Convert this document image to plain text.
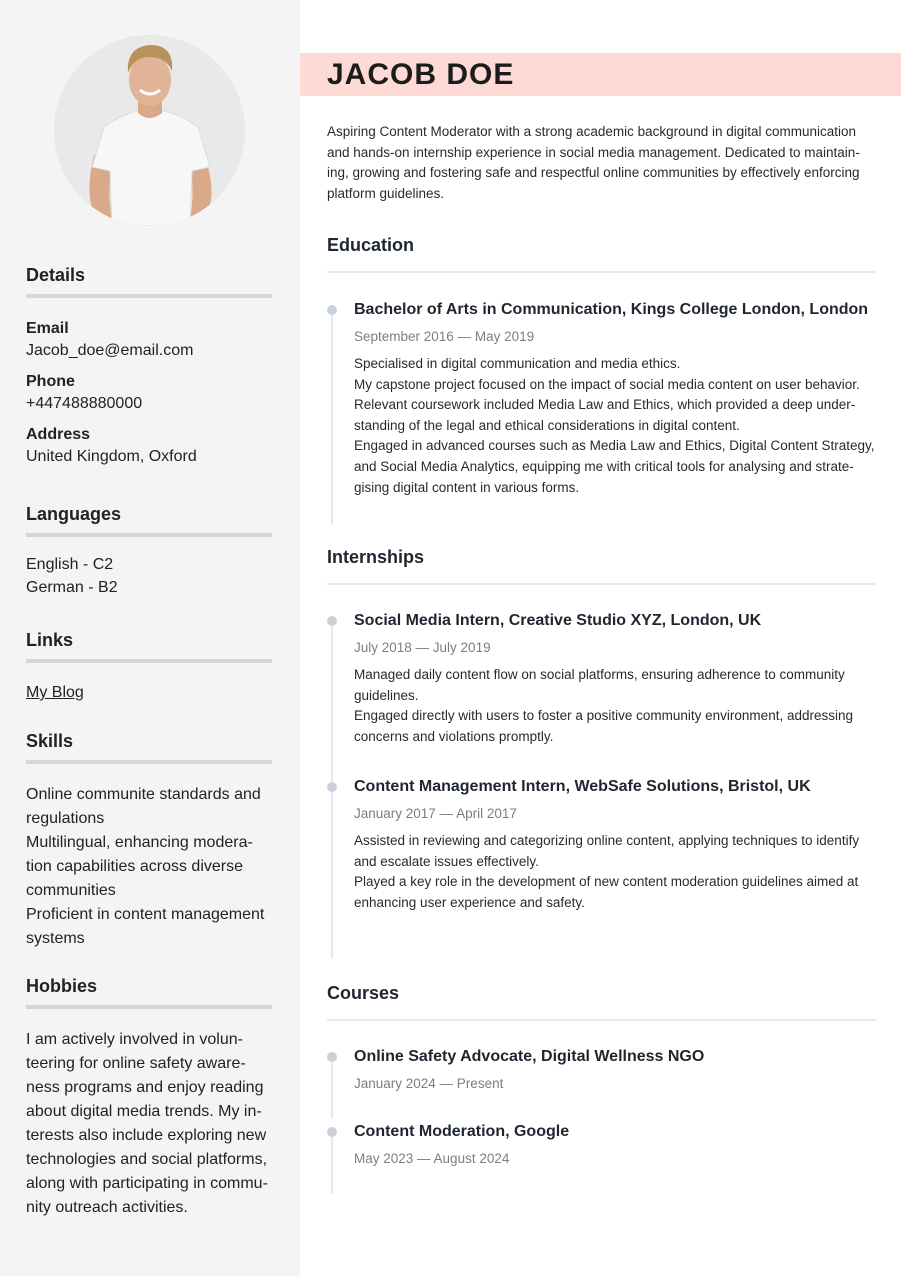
Details
Email
Jacob_doe@email.com
Phone
+447488880000
Address
United Kingdom, Oxford
Languages
English - C2
German - B2
Links
My Blog
Skills
Online communite standards and regulations
Multilingual, enhancing modera-tion capabilities across diverse communities
Proficient in content management systems
Hobbies
I am actively involved in volun-teering for online safety aware-ness programs and enjoy reading about digital media trends. My in-terests also include exploring new technologies and social platforms, along with participating in commu-nity outreach activities.
JACOB DOE

Aspiring Content Moderator with a strong academic background in digital communication and hands-on internship experience in social media management. Dedicated to maintain-ing, growing and fostering safe and respectful online communities by effectively enforcing platform guidelines.

Education
Bachelor of Arts in Communication, Kings College London, London
September 2016 — May 2019
Specialised in digital communication and media ethics.
My capstone project focused on the impact of social media content on user behavior.
Relevant coursework included Media Law and Ethics, which provided a deep under-standing of the legal and ethical considerations in digital content.
Engaged in advanced courses such as Media Law and Ethics, Digital Content Strategy, and Social Media Analytics, equipping me with critical tools for analysing and strate-gising digital content in various forms.
Internships
Social Media Intern, Creative Studio XYZ, London, UK
July 2018 — July 2019
Managed daily content flow on social platforms, ensuring adherence to community guidelines.
Engaged directly with users to foster a positive community environment, addressing concerns and violations promptly.
Content Management Intern, WebSafe Solutions, Bristol, UK
January 2017 — April 2017
Assisted in reviewing and categorizing online content, applying techniques to identify and escalate issues effectively.
Played a key role in the development of new content moderation guidelines aimed at enhancing user experience and safety.
Courses
Online Safety Advocate, Digital Wellness NGO
January 2024 — Present
Content Moderation, Google
May 2023 — August 2024
